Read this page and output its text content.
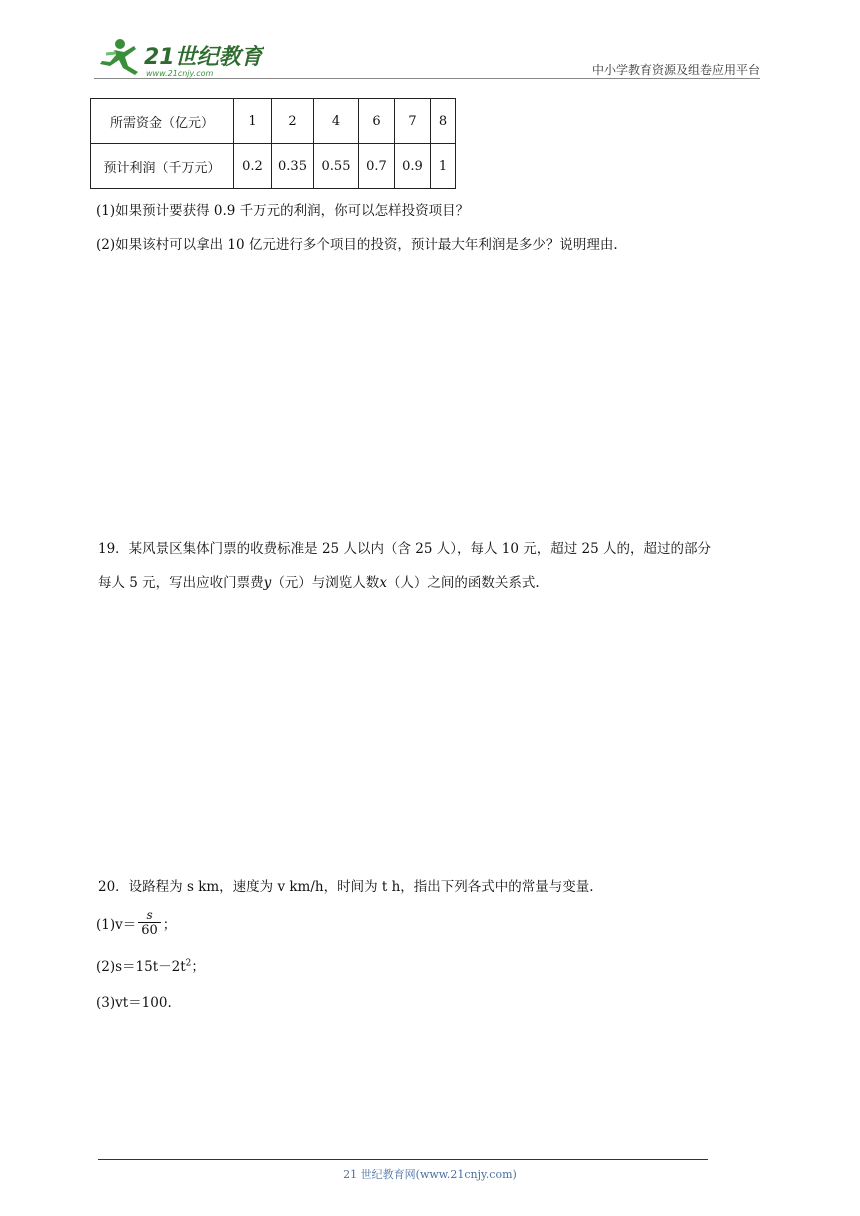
21世纪教育
www.21cnjy.com	中小学教育资源及组卷应用平台
所需资金（亿元）	1	2	4	6	7	8
预计利润（千万元）	0.2	0.35	0.55	0.7	0.9	1
(1)如果预计要获得 0.9 千万元的利润，你可以怎样投资项目？
(2)如果该村可以拿出 10 亿元进行多个项目的投资，预计最大年利润是多少？说明理由.
19．某风景区集体门票的收费标准是 25 人以内（含 25 人），每人 10 元，超过 25 人的，超过的部分
每人 5 元，写出应收门票费y（元）与浏览人数x（人）之间的函数关系式.
20．设路程为 s km，速度为 v km/h，时间为 t h，指出下列各式中的常量与变量.
$(1)v= \frac{s}{60}$ ；
$(2)s=15t-2t^2$；
(3)vt＝100.
21 世纪教育网(www.21cnjy.com)
